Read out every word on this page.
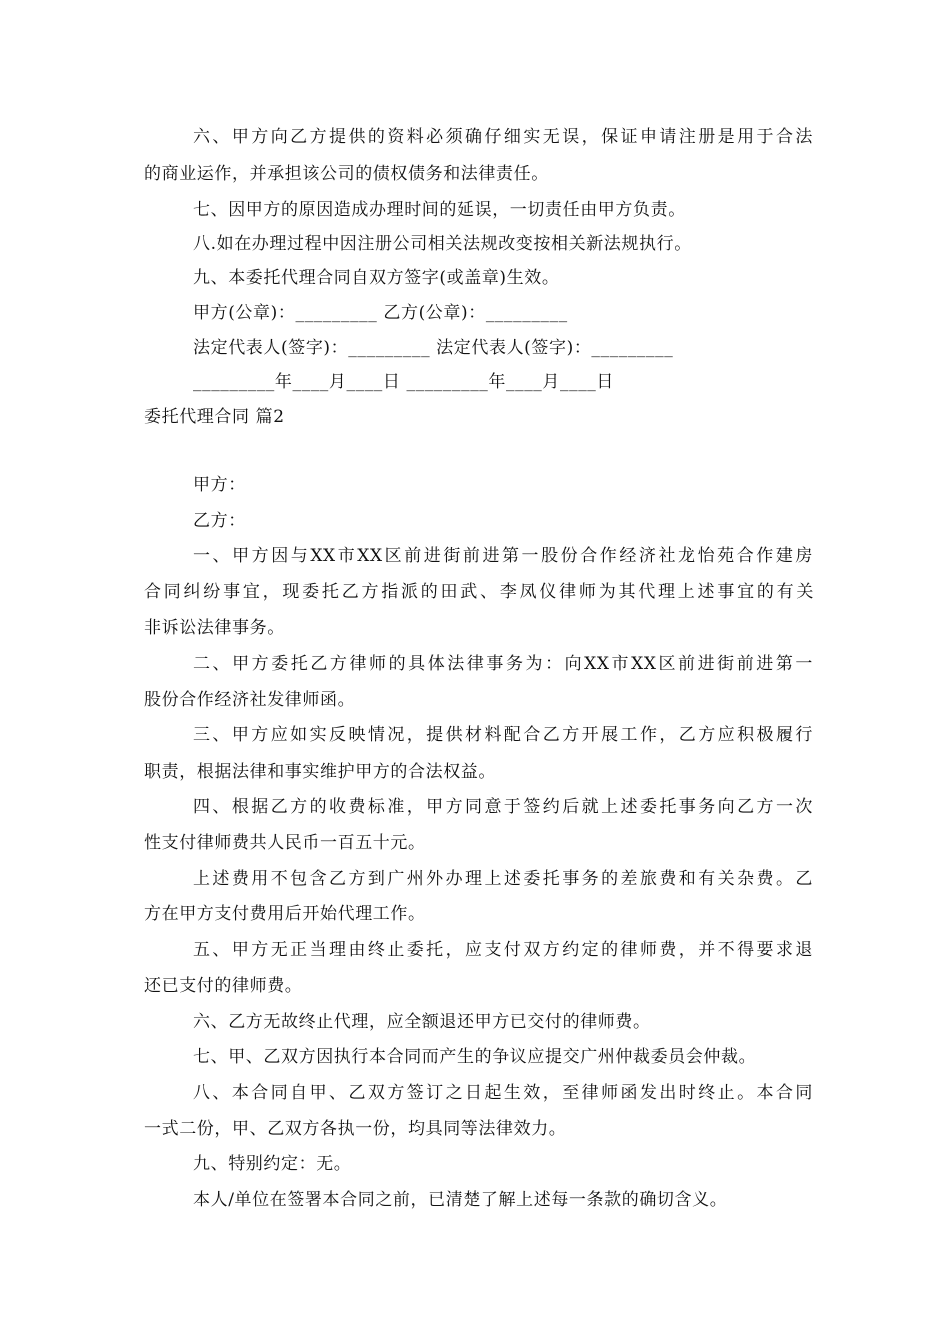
六、甲方向乙方提供的资料必须确仔细实无误，保证申请注册是用于合法
的商业运作，并承担该公司的债权债务和法律责任。
七、因甲方的原因造成办理时间的延误，一切责任由甲方负责。
八.如在办理过程中因注册公司相关法规改变按相关新法规执行。
九、本委托代理合同自双方签字(或盖章)生效。
甲方(公章)：_________ 乙方(公章)：_________
法定代表人(签字)：_________ 法定代表人(签字)：_________
_________年____月____日 _________年____月____日
委托代理合同 篇2
甲方：
乙方：
一、甲方因与XX市XX区前进街前进第一股份合作经济社龙怡苑合作建房
合同纠纷事宜，现委托乙方指派的田武、李凤仪律师为其代理上述事宜的有关
非诉讼法律事务。
二、甲方委托乙方律师的具体法律事务为：向XX市XX区前进街前进第一
股份合作经济社发律师函。
三、甲方应如实反映情况，提供材料配合乙方开展工作，乙方应积极履行
职责，根据法律和事实维护甲方的合法权益。
四、根据乙方的收费标准，甲方同意于签约后就上述委托事务向乙方一次
性支付律师费共人民币一百五十元。
上述费用不包含乙方到广州外办理上述委托事务的差旅费和有关杂费。乙
方在甲方支付费用后开始代理工作。
五、甲方无正当理由终止委托，应支付双方约定的律师费，并不得要求退
还已支付的律师费。
六、乙方无故终止代理，应全额退还甲方已交付的律师费。
七、甲、乙双方因执行本合同而产生的争议应提交广州仲裁委员会仲裁。
八、本合同自甲、乙双方签订之日起生效，至律师函发出时终止。本合同
一式二份，甲、乙双方各执一份，均具同等法律效力。
九、特别约定：无。
本人/单位在签署本合同之前，已清楚了解上述每一条款的确切含义。
